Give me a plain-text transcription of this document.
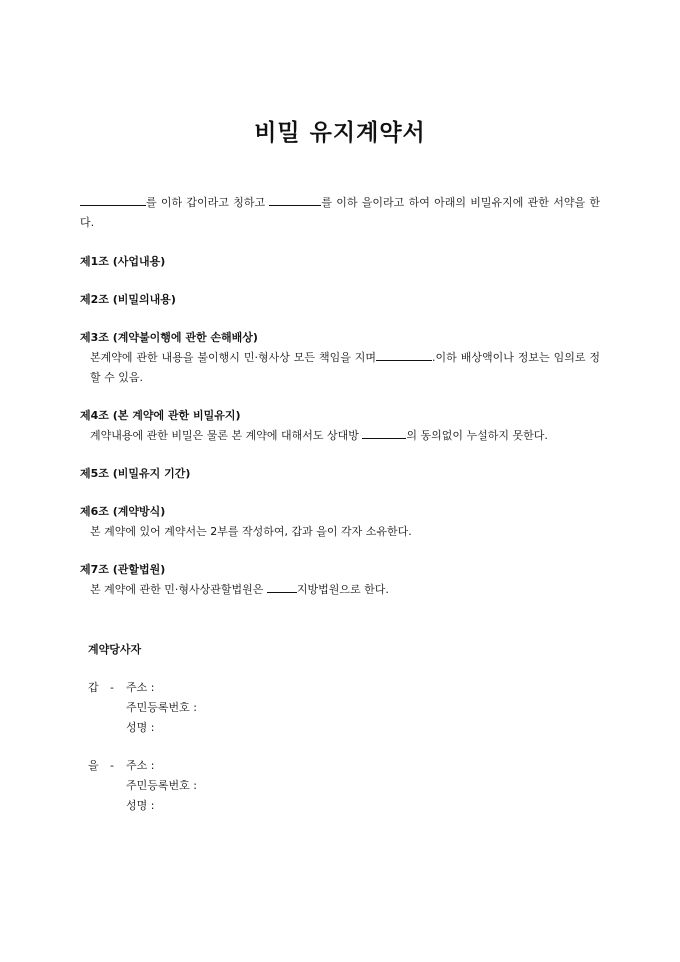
비밀 유지계약서
를 이하 갑이라고 칭하고	를 이하 을이라고 하여 아래의 비밀유지에 관한 서약을 한다.
제1조 (사업내용)
제2조 (비밀의내용)
제3조 (계약불이행에 관한 손해배상)

본계약에 관한 내용을 불이행시 민·형사상 모든 책임을 지며	.이하 배상액이나 정보는 임의로 정할 수 있음.

제4조 (본 계약에 관한 비밀유지)

계약내용에 관한 비밀은 물론 본 계약에 대해서도 상대방	의 동의없이 누설하지 못한다.

제5조 (비밀유지 기간)
제6조 (계약방식)

본 계약에 있어 계약서는 2부를 작성하여, 갑과 을이 각자 소유한다.

제7조 (관할법원)

본 계약에 관한 민·형사상관할법원은	지방법원으로 한다.

계약당사자
갑	-	주소 :
주민등록번호 :
성명 :
을	-	주소 :
주민등록번호 :
성명 :
